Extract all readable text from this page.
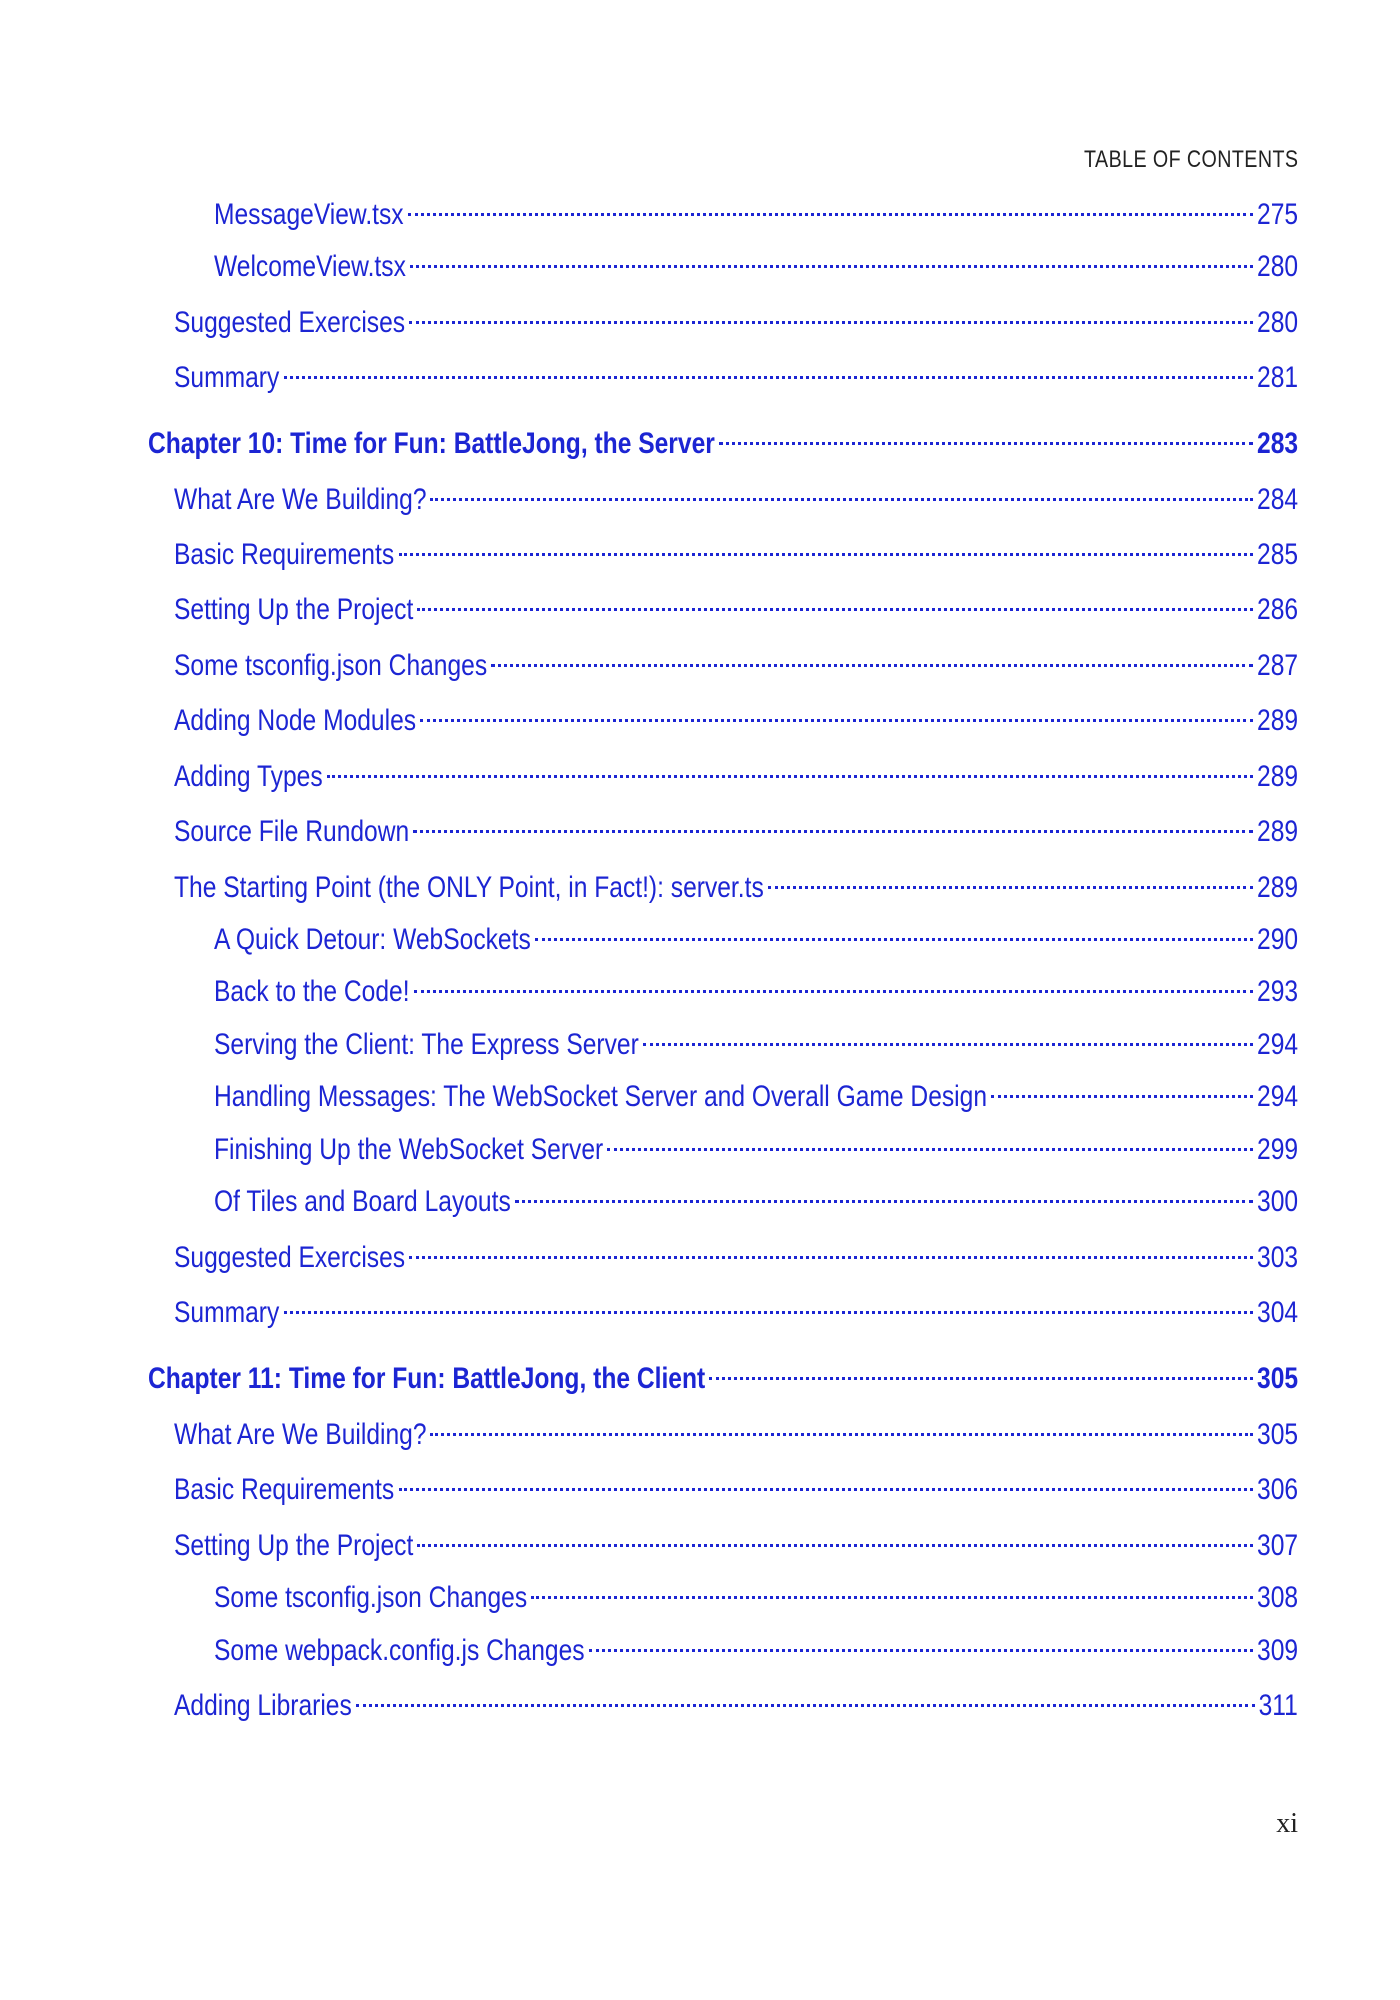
TABLE OF CONTENTS
MessageView.tsx	275
WelcomeView.tsx	280
Suggested Exercises	280
Summary	281
Chapter 10: Time for Fun: BattleJong, the Server	283
What Are We Building?	284
Basic Requirements	285
Setting Up the Project	286
Some tsconfig.json Changes	287
Adding Node Modules	289
Adding Types	289
Source File Rundown	289
The Starting Point (the ONLY Point, in Fact!): server.ts	289
A Quick Detour: WebSockets	290
Back to the Code!	293
Serving the Client: The Express Server	294
Handling Messages: The WebSocket Server and Overall Game Design	294
Finishing Up the WebSocket Server	299
Of Tiles and Board Layouts	300
Suggested Exercises	303
Summary	304
Chapter 11: Time for Fun: BattleJong, the Client	305
What Are We Building?	305
Basic Requirements	306
Setting Up the Project	307
Some tsconfig.json Changes	308
Some webpack.config.js Changes	309
Adding Libraries	311
xi
